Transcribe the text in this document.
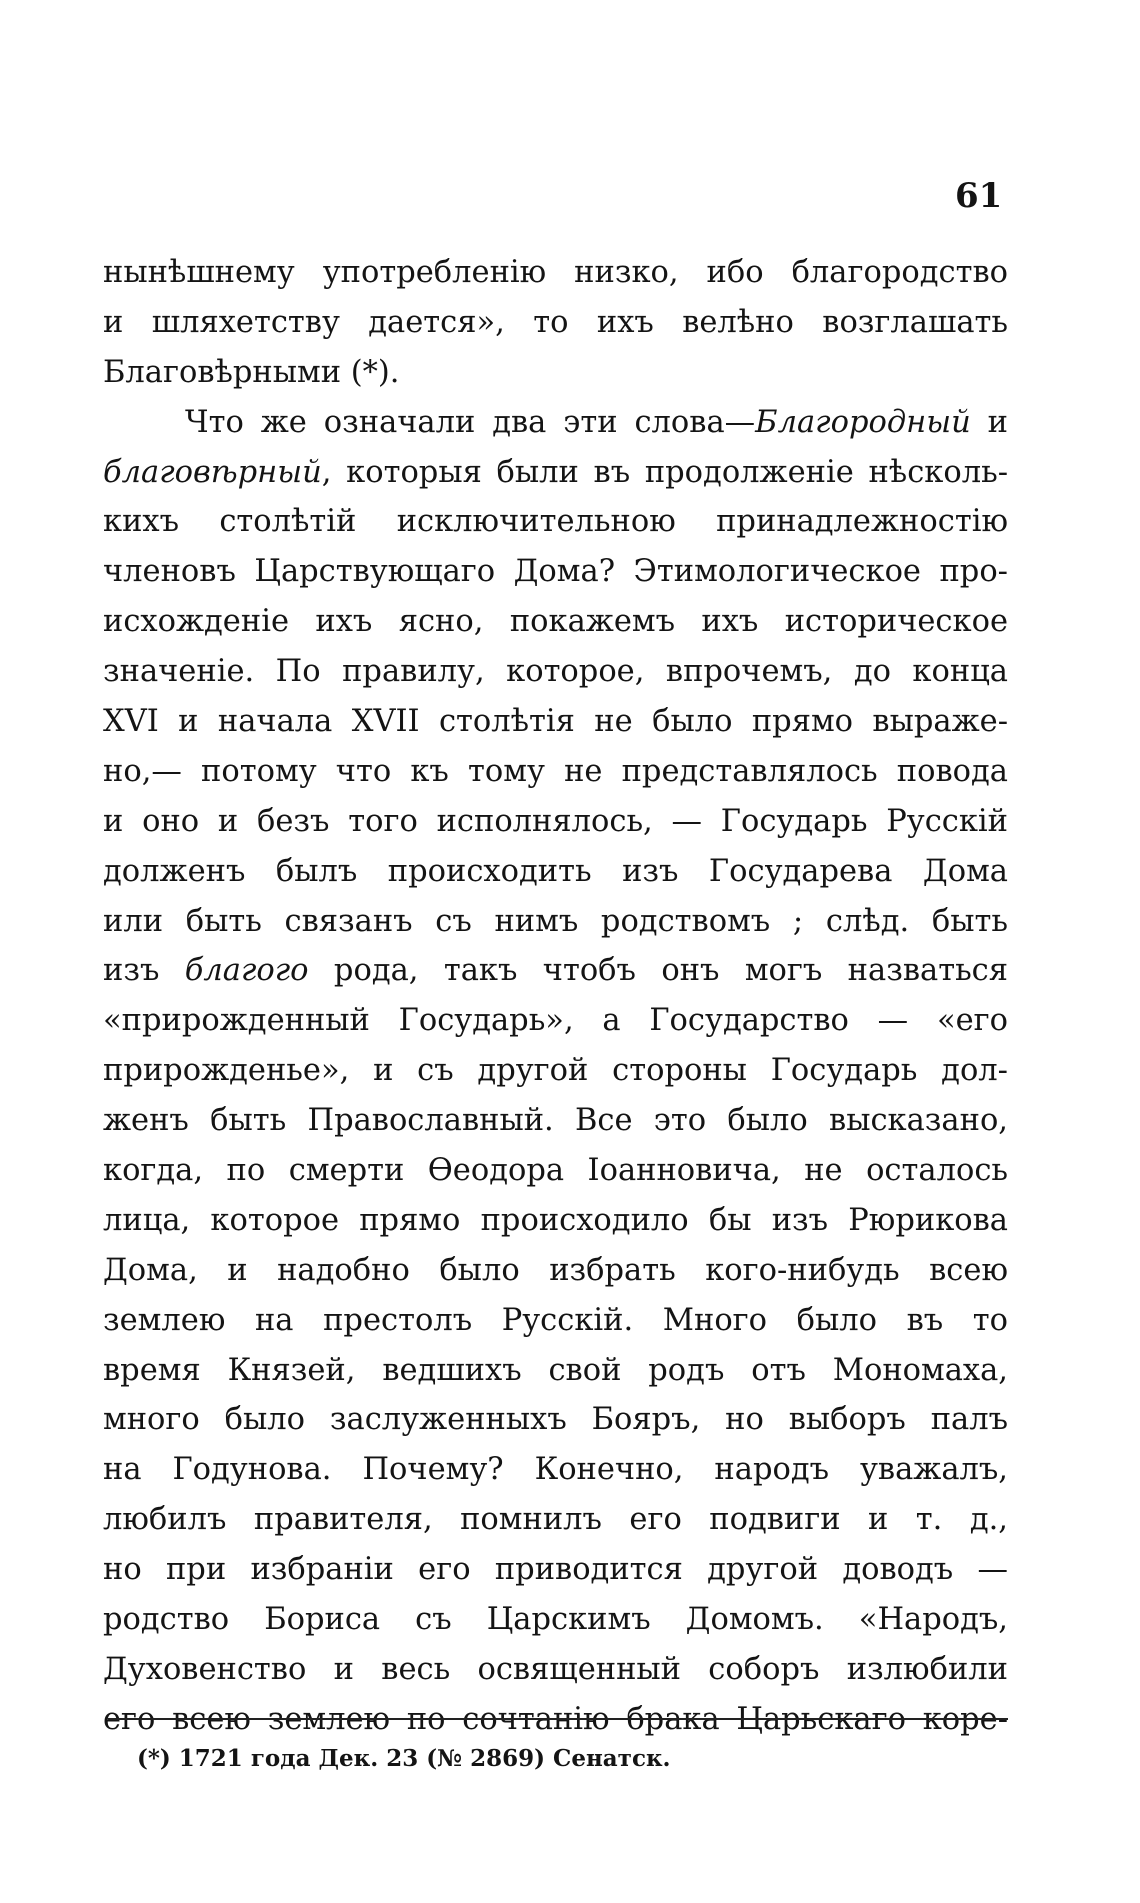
61
нынѣшнему употребленію низко, ибо благородство
и шляхетству дается», то ихъ велѣно возглашать
Благовѣрными (*).
Что же означали два эти слова—Благородный и
благовѣрный, которыя были въ продолженіе нѣсколь-
кихъ столѣтій исключительною принадлежностію
членовъ Царствующаго Дома? Этимологическое про-
исхожденіе ихъ ясно, покажемъ ихъ историческое
значеніе. По правилу, которое, впрочемъ, до конца
XVI и начала XVII столѣтія не было прямо выраже-
но,— потому что къ тому не представлялось повода
и оно и безъ того исполнялось, — Государь Русскій
долженъ былъ происходить изъ Государева Дома
или быть связанъ съ нимъ родствомъ ; слѣд. быть
изъ благого рода, такъ чтобъ онъ могъ назваться
«прирожденный Государь», а Государство — «его
прирожденье», и съ другой стороны Государь дол-
женъ быть Православный. Все это было высказано,
когда, по смерти Ѳеодора Іоанновича, не осталось
лица, которое прямо происходило бы изъ Рюрикова
Дома, и надобно было избрать кого-нибудь всею
землею на престолъ Русскій. Много было въ то
время Князей, ведшихъ свой родъ отъ Мономаха,
много было заслуженныхъ Бояръ, но выборъ палъ
на Годунова. Почему? Конечно, народъ уважалъ,
любилъ правителя, помнилъ его подвиги и т. д.,
но при избраніи его приводится другой доводъ —
родство Бориса съ Царскимъ Домомъ. «Народъ,
Духовенство и весь освященный соборъ излюбили
его всею землею по сочтанію брака Царьскаго коре-
(*) 1721 года Дек. 23 (№ 2869) Сенатск.
